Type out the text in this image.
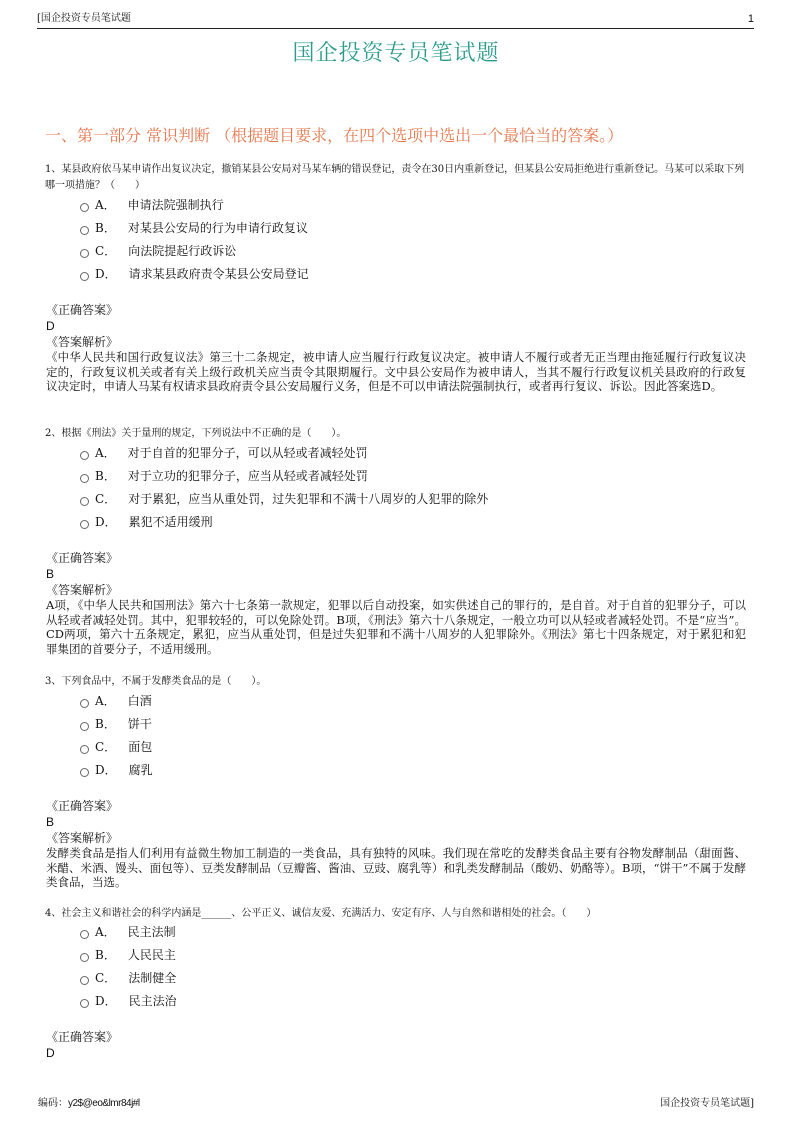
[国企投资专员笔试题	1
国企投资专员笔试题
一、第一部分 常识判断 （根据题目要求，在四个选项中选出一个最恰当的答案。）
1、某县政府依马某申请作出复议决定，撤销某县公安局对马某车辆的错误登记，责令在30日内重新登记，但某县公安局拒绝进行重新登记。马某可以采取下列哪一项措施？（　　）
A． 申请法院强制执行
B． 对某县公安局的行为申请行政复议
C． 向法院提起行政诉讼
D． 请求某县政府责令某县公安局登记
《正确答案》
D
《答案解析》
《中华人民共和国行政复议法》第三十二条规定，被申请人应当履行行政复议决定。被申请人不履行或者无正当理由拖延履行行政复议决定的，行政复议机关或者有关上级行政机关应当责令其限期履行。文中县公安局作为被申请人，当其不履行行政复议机关县政府的行政复议决定时，申请人马某有权请求县政府责令县公安局履行义务，但是不可以申请法院强制执行，或者再行复议、诉讼。因此答案选D。
2、根据《刑法》关于量刑的规定，下列说法中不正确的是（　　）。
A． 对于自首的犯罪分子，可以从轻或者减轻处罚
B． 对于立功的犯罪分子，应当从轻或者减轻处罚
C． 对于累犯，应当从重处罚，过失犯罪和不满十八周岁的人犯罪的除外
D． 累犯不适用缓刑
《正确答案》
B
《答案解析》
A项，《中华人民共和国刑法》第六十七条第一款规定，犯罪以后自动投案，如实供述自己的罪行的，是自首。对于自首的犯罪分子，可以从轻或者减轻处罚。其中，犯罪较轻的，可以免除处罚。B项，《刑法》第六十八条规定，一般立功可以从轻或者减轻处罚。不是“应当”。CD两项，第六十五条规定，累犯，应当从重处罚，但是过失犯罪和不满十八周岁的人犯罪除外。《刑法》第七十四条规定，对于累犯和犯罪集团的首要分子，不适用缓刑。
3、下列食品中，不属于发酵类食品的是（　　）。
A． 白酒
B． 饼干
C． 面包
D． 腐乳
《正确答案》
B
《答案解析》
发酵类食品是指人们利用有益微生物加工制造的一类食品，具有独特的风味。我们现在常吃的发酵类食品主要有谷物发酵制品（甜面酱、米醋、米酒、馒头、面包等）、豆类发酵制品（豆瓣酱、酱油、豆豉、腐乳等）和乳类发酵制品（酸奶、奶酪等）。B项，“饼干”不属于发酵类食品，当选。
4、社会主义和谐社会的科学内涵是______、公平正义、诚信友爱、充满活力、安定有序、人与自然和谐相处的社会。（　　）
A． 民主法制
B． 人民民主
C． 法制健全
D． 民主法治
《正确答案》
D
编码：y2$@eo&lmr84j#l	国企投资专员笔试题]
